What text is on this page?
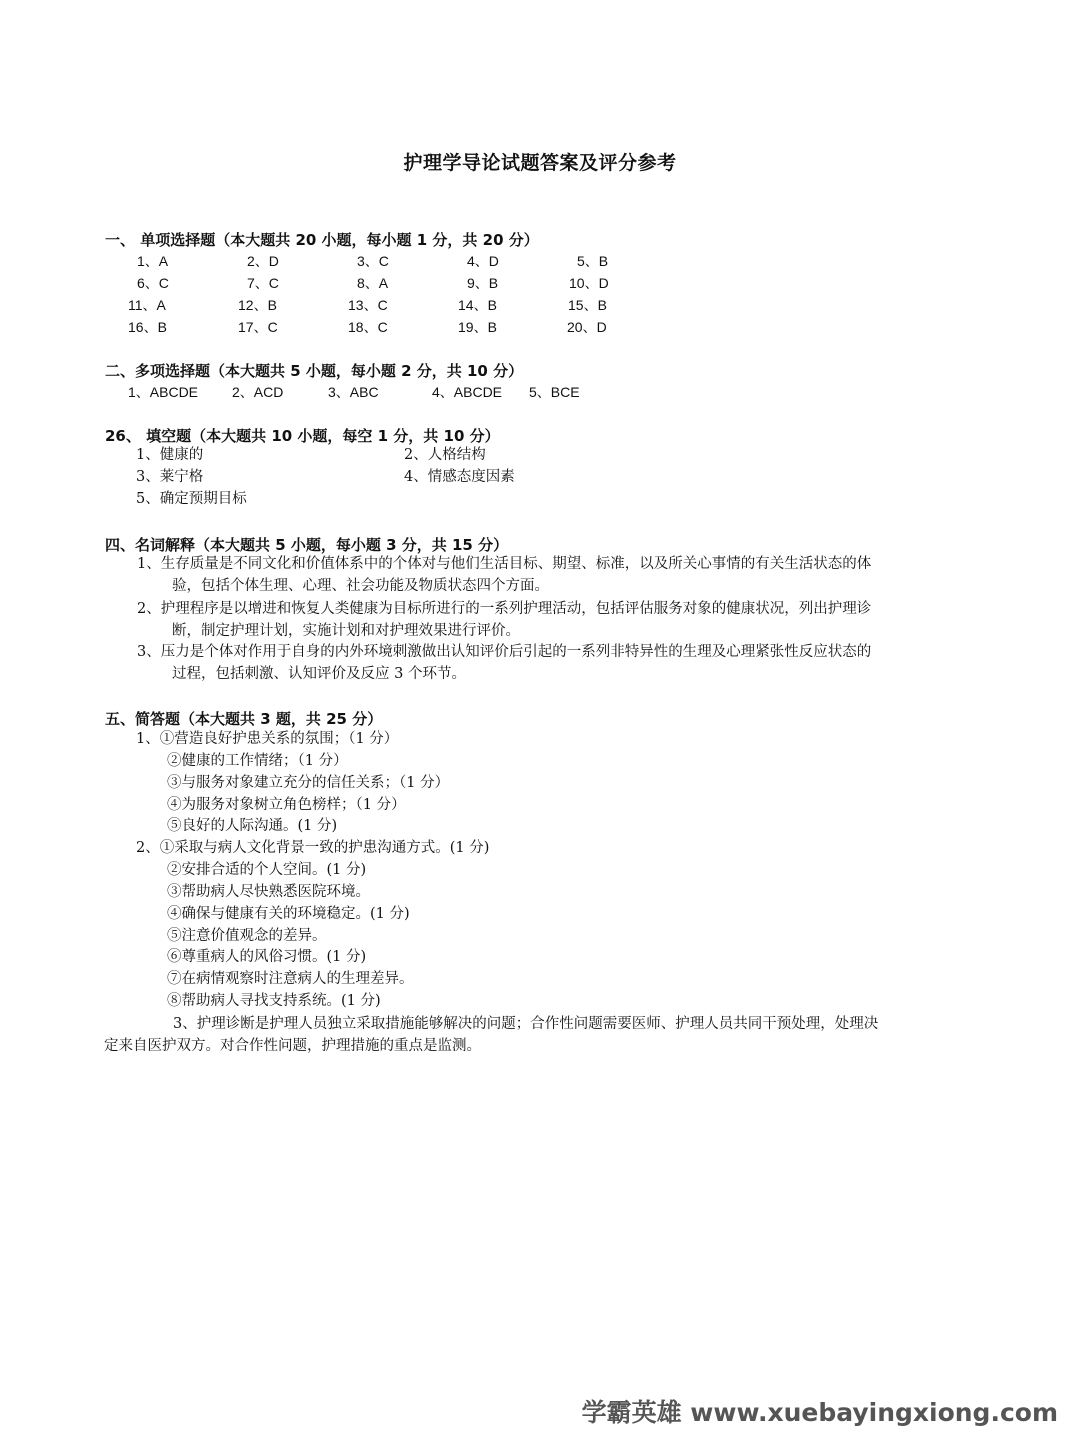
护理学导论试题答案及评分参考
一、 单项选择题（本大题共 20 小题，每小题 1 分，共 20 分）
1、A	2、D	3、C	4、D	5、B
6、C	7、C	8、A	9、B	10、D
11、A	12、B	13、C	14、B	15、B
16、B	17、C	18、C	19、B	20、D
二、多项选择题（本大题共 5 小题，每小题 2 分，共 10 分）
1、ABCDE 2、ACD	3、ABC	4、ABCDE 5、BCE
26、 填空题（本大题共 10 小题，每空 1 分，共 10 分）
1、健康的	2、人格结构
3、莱宁格	4、情感态度因素
5、确定预期目标
四、名词解释（本大题共 5 小题，每小题 3 分，共 15 分）
1、生存质量是不同文化和价值体系中的个体对与他们生活目标、期望、标准，以及所关心事情的有关生活状态的体
验，包括个体生理、心理、社会功能及物质状态四个方面。
2、护理程序是以增进和恢复人类健康为目标所进行的一系列护理活动，包括评估服务对象的健康状况，列出护理诊
断，制定护理计划，实施计划和对护理效果进行评价。
3、压力是个体对作用于自身的内外环境刺激做出认知评价后引起的一系列非特异性的生理及心理紧张性反应状态的
过程，包括刺激、认知评价及反应 3 个环节。
五、简答题（本大题共 3 题，共 25 分）
1、①营造良好护患关系的氛围；（1 分）
②健康的工作情绪；（1 分）
③与服务对象建立充分的信任关系；（1 分）
④为服务对象树立角色榜样；（1 分）
⑤良好的人际沟通。(1 分)
2、①采取与病人文化背景一致的护患沟通方式。(1 分)
②安排合适的个人空间。(1 分)
③帮助病人尽快熟悉医院环境。
④确保与健康有关的环境稳定。(1 分)
⑤注意价值观念的差异。
⑥尊重病人的风俗习惯。(1 分)
⑦在病情观察时注意病人的生理差异。
⑧帮助病人寻找支持系统。(1 分)
3、护理诊断是护理人员独立采取措施能够解决的问题；合作性问题需要医师、护理人员共同干预处理，处理决
定来自医护双方。对合作性问题，护理措施的重点是监测。
学霸英雄 www.xuebayingxiong.com
